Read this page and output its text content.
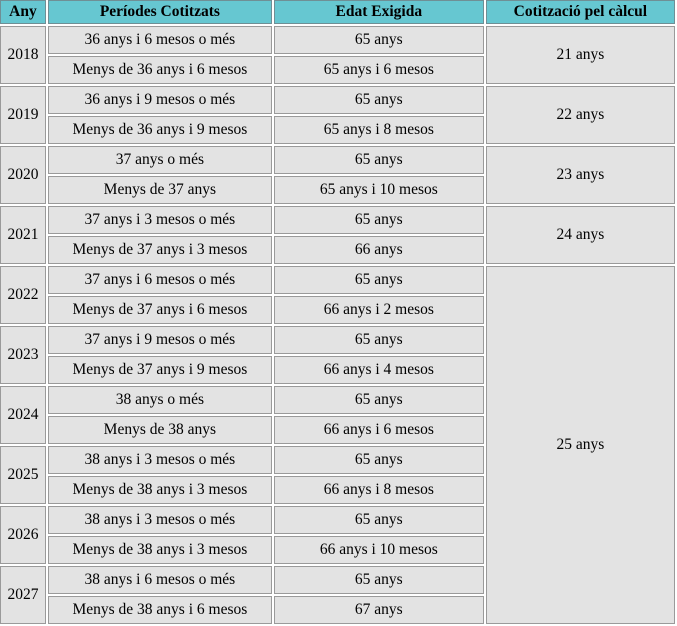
Any	Períodes Cotitzats	Edat Exigida	Cotització pel càlcul
2018	36 anys i 6 mesos o més	65 anys	21 anys
	Menys de 36 anys i 6 mesos	65 anys i 6 mesos	
2019	36 anys i 9 mesos o més	65 anys	22 anys
	Menys de 36 anys i 9 mesos	65 anys i 8 mesos	
2020	37 anys o més	65 anys	23 anys
	Menys de 37 anys	65 anys i 10 mesos	
2021	37 anys i 3 mesos o més	65 anys	24 anys
	Menys de 37 anys i 3 mesos	66 anys	
2022	37 anys i 6 mesos o més	65 anys	25 anys
	Menys de 37 anys i 6 mesos	66 anys i 2 mesos	
2023	37 anys i 9 mesos o més	65 anys	
	Menys de 37 anys i 9 mesos	66 anys i 4 mesos	
2024	38 anys o més	65 anys	
	Menys de 38 anys	66 anys i 6 mesos	
2025	38 anys i 3 mesos o més	65 anys	
	Menys de 38 anys i 3 mesos	66 anys i 8 mesos	
2026	38 anys i 3 mesos o més	65 anys	
	Menys de 38 anys i 3 mesos	66 anys i 10 mesos	
2027	38 anys i 6 mesos o més	65 anys	
	Menys de 38 anys i 6 mesos	67 anys	
